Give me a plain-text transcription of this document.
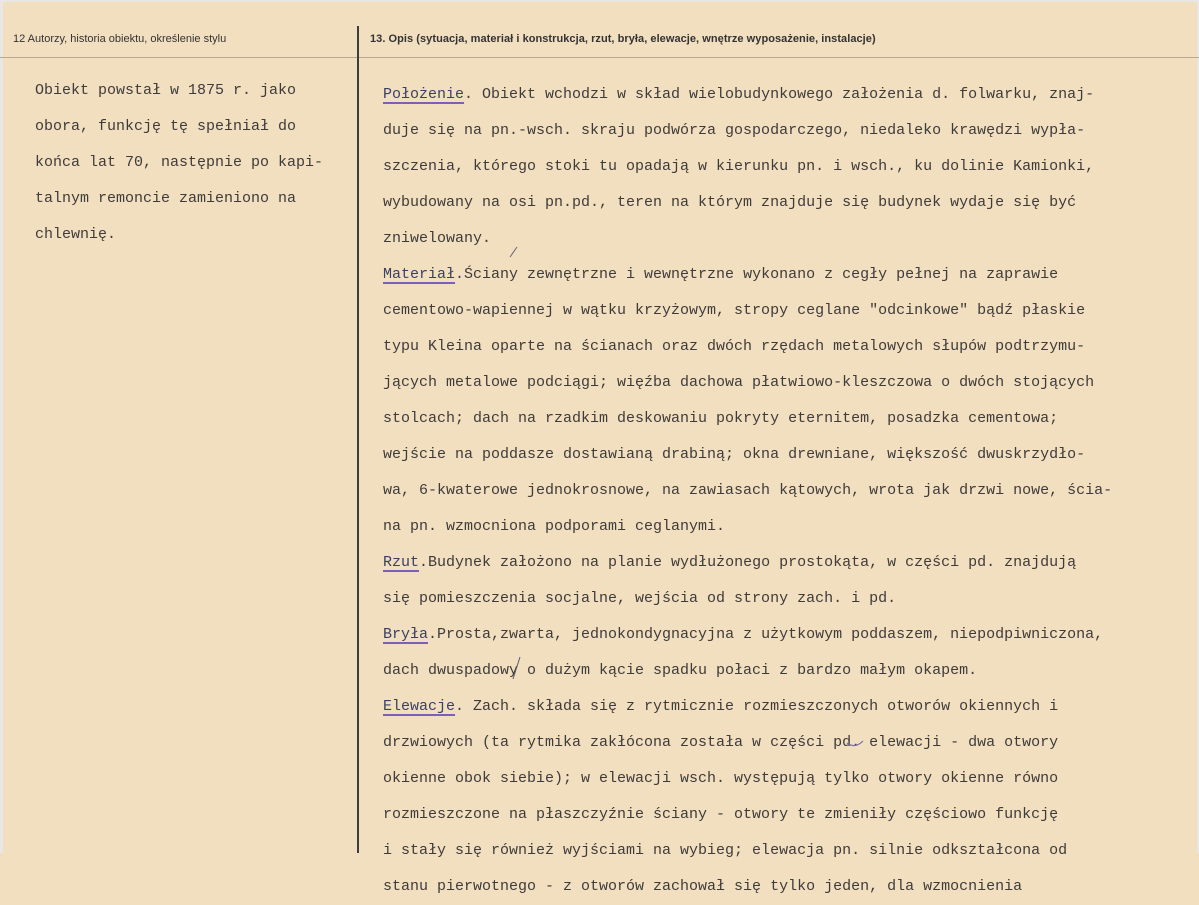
12 Autorzy, historia obiektu, określenie stylu	13. Opis (sytuacja, materiał i konstrukcja, rzut, bryła, elewacje, wnętrze wyposażenie, instalacje)
Obiekt powstał w 1875 r. jako
obora, funkcję tę spełniał do
końca lat 70, następnie po kapi-
talnym remoncie zamieniono na
chlewnię.
Położenie. Obiekt wchodzi w skład wielobudynkowego założenia d. folwarku, znaj-
duje się na pn.-wsch. skraju podwórza gospodarczego, niedaleko krawędzi wypła-
szczenia, którego stoki tu opadają w kierunku pn. i wsch., ku dolinie Kamionki,
wybudowany na osi pn.pd., teren na którym znajduje się budynek wydaje się być
zniwelowany.
Materiał.Ściany zewnętrzne i wewnętrzne wykonano z cegły pełnej na zaprawie
cementowo-wapiennej w wątku krzyżowym, stropy ceglane "odcinkowe" bądź płaskie
typu Kleina oparte na ścianach oraz dwóch rzędach metalowych słupów podtrzymu-
jących metalowe podciągi; więźba dachowa płatwiowo-kleszczowa o dwóch stojących
stolcach; dach na rzadkim deskowaniu pokryty eternitem, posadzka cementowa;
wejście na poddasze dostawianą drabiną; okna drewniane, większość dwuskrzydło-
wa, 6-kwaterowe jednokrosnowe, na zawiasach kątowych, wrota jak drzwi nowe, ścia-
na pn. wzmocniona podporami ceglanymi.
Rzut.Budynek założono na planie wydłużonego prostokąta, w części pd. znajdują
się pomieszczenia socjalne, wejścia od strony zach. i pd.
Bryła.Prosta,zwarta, jednokondygnacyjna z użytkowym poddaszem, niepodpiwniczona,
dach dwuspadowy o dużym kącie spadku połaci z bardzo małym okapem.
Elewacje. Zach. składa się z rytmicznie rozmieszczonych otworów okiennych i
drzwiowych (ta rytmika zakłócona została w części pd. elewacji - dwa otwory
okienne obok siebie); w elewacji wsch. występują tylko otwory okienne równo
rozmieszczone na płaszczyźnie ściany - otwory te zmieniły częściowo funkcję
i stały się również wyjściami na wybieg; elewacja pn. silnie odkształcona od
stanu pierwotnego - z otworów zachował się tylko jeden, dla wzmocnienia
